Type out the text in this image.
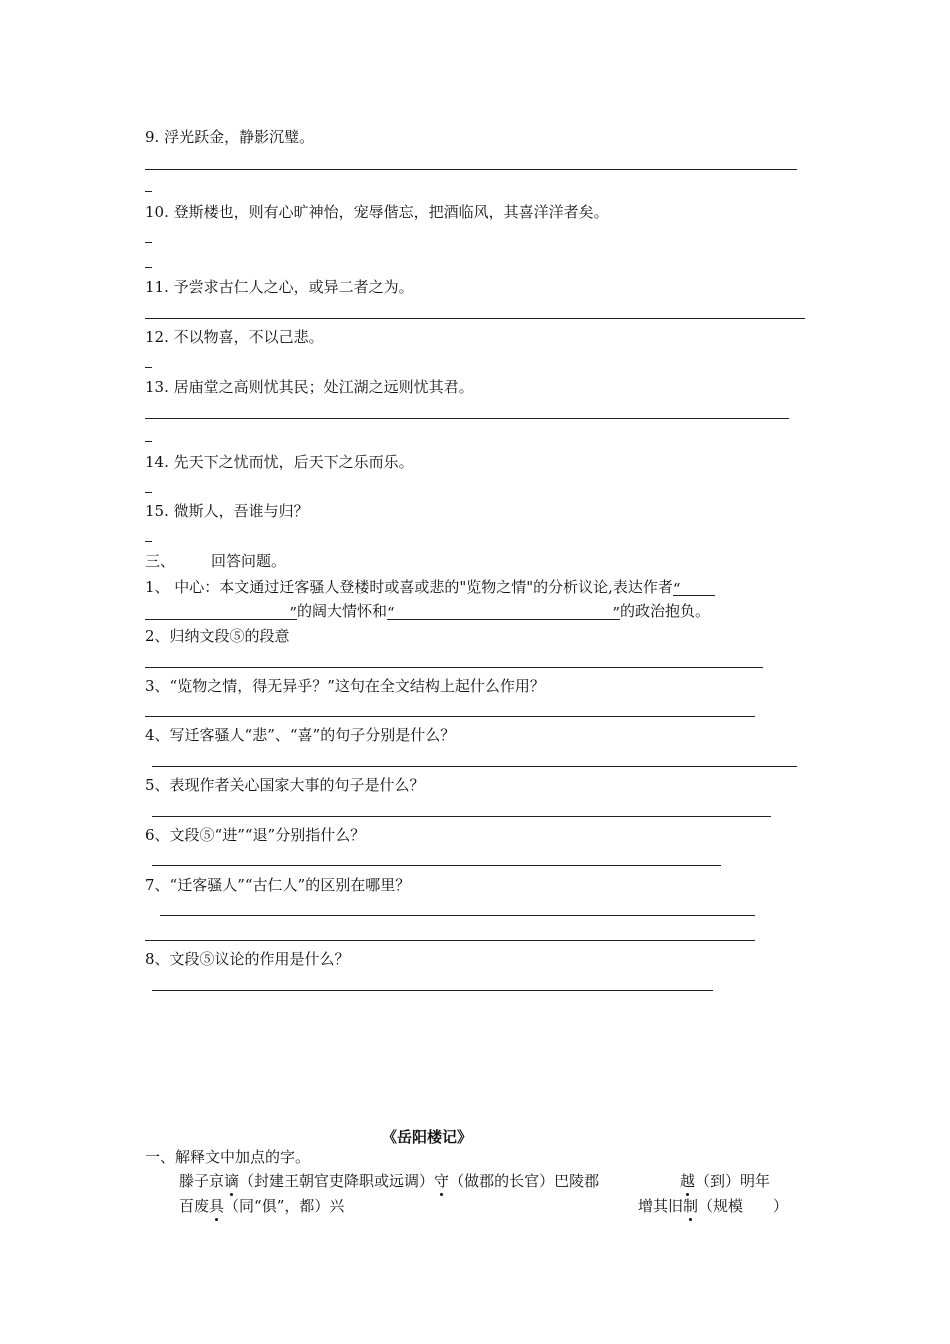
9. 浮光跃金，静影沉璧。
10. 登斯楼也，则有心旷神怡，宠辱偕忘，把酒临风，其喜洋洋者矣。
11. 予尝求古仁人之心，或异二者之为。
12. 不以物喜，不以己悲。
13. 居庙堂之高则忧其民；处江湖之远则忧其君。
14. 先天下之忧而忧，后天下之乐而乐。
15. 微斯人，吾谁与归？
三、 回答问题。
1、 中心：本文通过迁客骚人登楼时或喜或悲的"览物之情"的分析议论,表达作者“
”的阔大情怀和“	” 的政治抱负。
2、归纳文段⑤的段意
3、“览物之情，得无异乎？”这句在全文结构上起什么作用？
4、写迁客骚人“悲”、“喜”的句子分别是什么？
5、表现作者关心国家大事的句子是什么？
6、文段⑤“进”“退”分别指什么？
7、“迁客骚人”“古仁人”的区别在哪里？
8、文段⑤议论的作用是什么？
《岳阳楼记》
一、解释文中加点的字。
滕子京谪（封建王朝官吏降职或远调）守（做郡的长官）巴陵郡	越（到）明年
百废具（同“俱”，都）兴	增其旧制（规模　　）
